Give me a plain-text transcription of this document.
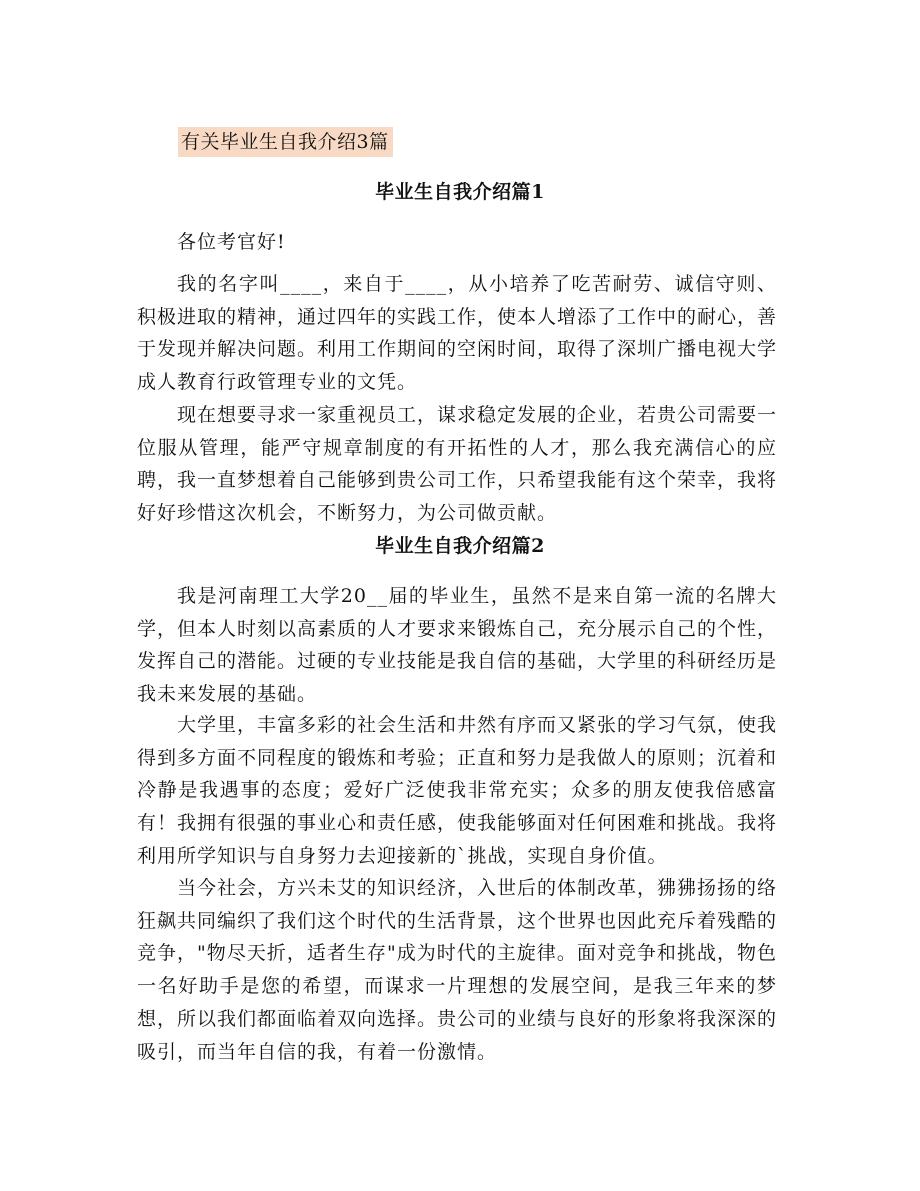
有关毕业生自我介绍3篇
毕业生自我介绍篇1
各位考官好!
我的名字叫____，来自于____，从小培养了吃苦耐劳、诚信守则、积极进取的精神，通过四年的实践工作，使本人增添了工作中的耐心，善于发现并解决问题。利用工作期间的空闲时间，取得了深圳广播电视大学成人教育行政管理专业的文凭。
现在想要寻求一家重视员工，谋求稳定发展的企业，若贵公司需要一位服从管理，能严守规章制度的有开拓性的人才，那么我充满信心的应聘，我一直梦想着自己能够到贵公司工作，只希望我能有这个荣幸，我将好好珍惜这次机会，不断努力，为公司做贡献。
毕业生自我介绍篇2
我是河南理工大学20__届的毕业生，虽然不是来自第一流的名牌大学，但本人时刻以高素质的人才要求来锻炼自己，充分展示自己的个性，发挥自己的潜能。过硬的专业技能是我自信的基础，大学里的科研经历是我未来发展的基础。
大学里，丰富多彩的社会生活和井然有序而又紧张的学习气氛，使我得到多方面不同程度的锻炼和考验；正直和努力是我做人的原则；沉着和冷静是我遇事的态度；爱好广泛使我非常充实；众多的朋友使我倍感富有！我拥有很强的事业心和责任感，使我能够面对任何困难和挑战。我将利用所学知识与自身努力去迎接新的`挑战，实现自身价值。
当今社会，方兴未艾的知识经济，入世后的体制改革，狒狒扬扬的络狂飙共同编织了我们这个时代的生活背景，这个世界也因此充斥着残酷的竞争，"物尽天折，适者生存"成为时代的主旋律。面对竞争和挑战，物色一名好助手是您的希望，而谋求一片理想的发展空间，是我三年来的梦想，所以我们都面临着双向选择。贵公司的业绩与良好的形象将我深深的吸引，而当年自信的我，有着一份激情。
